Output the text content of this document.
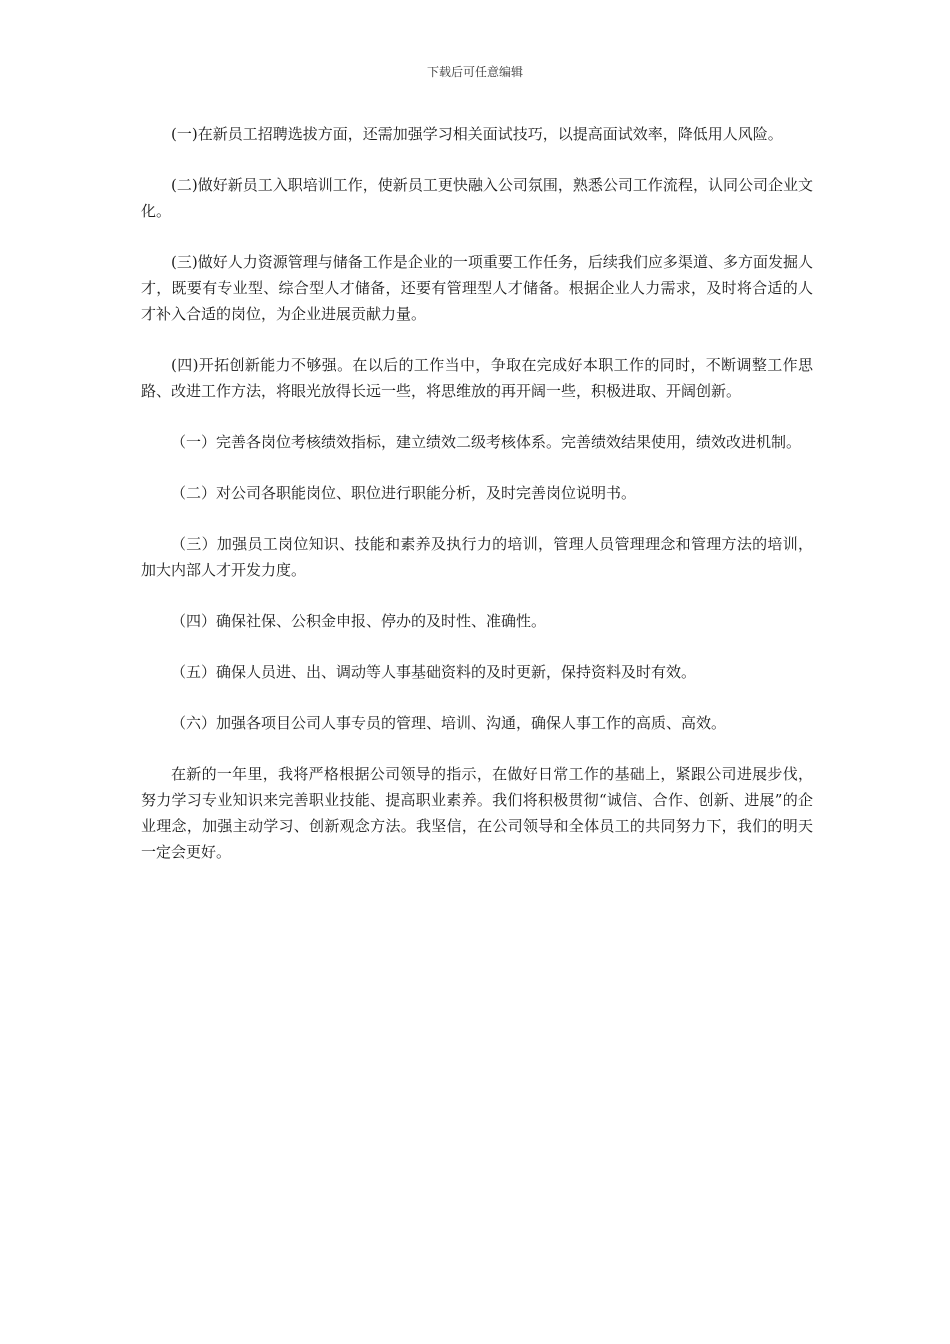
下载后可任意编辑

(一)在新员工招聘选拔方面，还需加强学习相关面试技巧，以提高面试效率，降低用人风险。

(二)做好新员工入职培训工作，使新员工更快融入公司氛围，熟悉公司工作流程，认同公司企业文化。

(三)做好人力资源管理与储备工作是企业的一项重要工作任务，后续我们应多渠道、多方面发掘人才，既要有专业型、综合型人才储备，还要有管理型人才储备。根据企业人力需求，及时将合适的人才补入合适的岗位，为企业进展贡献力量。

(四)开拓创新能力不够强。在以后的工作当中，争取在完成好本职工作的同时，不断调整工作思路、改进工作方法，将眼光放得长远一些，将思维放的再开阔一些，积极进取、开阔创新。

（一）完善各岗位考核绩效指标，建立绩效二级考核体系。完善绩效结果使用，绩效改进机制。

（二）对公司各职能岗位、职位进行职能分析，及时完善岗位说明书。

（三）加强员工岗位知识、技能和素养及执行力的培训，管理人员管理理念和管理方法的培训，加大内部人才开发力度。

（四）确保社保、公积金申报、停办的及时性、准确性。

（五）确保人员进、出、调动等人事基础资料的及时更新，保持资料及时有效。

（六）加强各项目公司人事专员的管理、培训、沟通，确保人事工作的高质、高效。

在新的一年里，我将严格根据公司领导的指示，在做好日常工作的基础上，紧跟公司进展步伐，努力学习专业知识来完善职业技能、提高职业素养。我们将积极贯彻“诚信、合作、创新、进展”的企业理念，加强主动学习、创新观念方法。我坚信，在公司领导和全体员工的共同努力下，我们的明天一定会更好。
